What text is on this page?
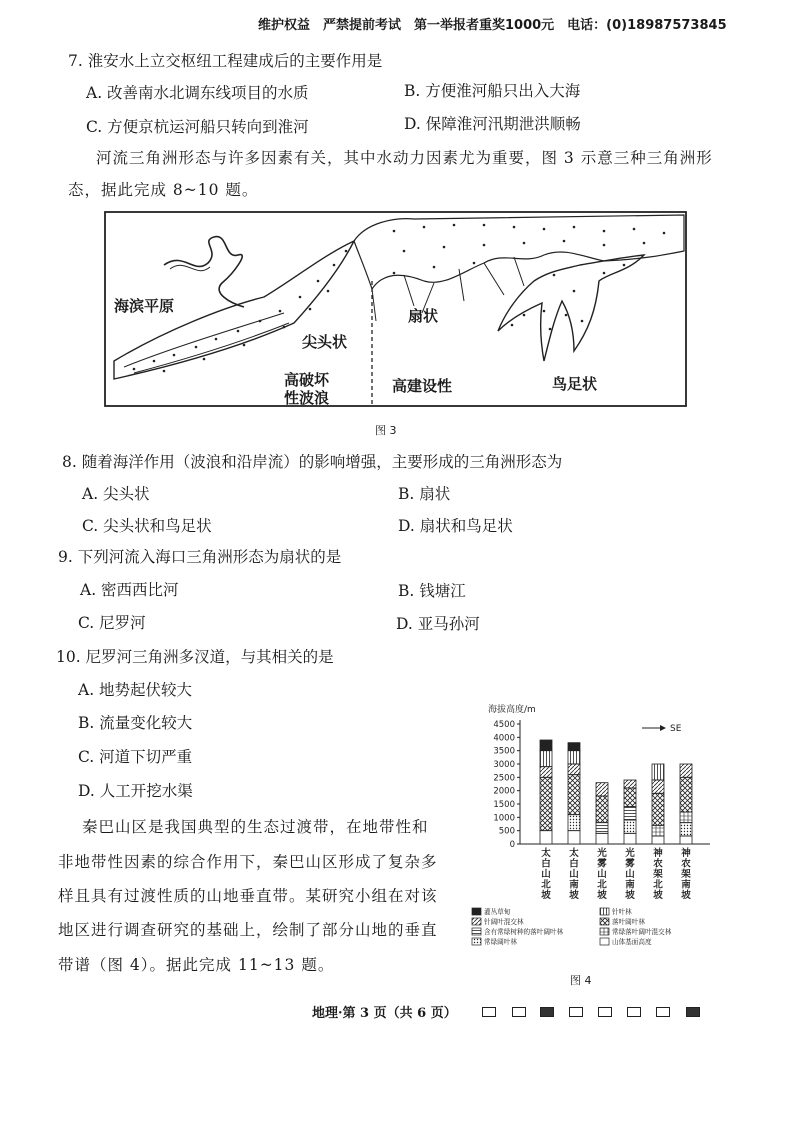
维护权益　严禁提前考试　第一举报者重奖1000元　电话：(0)18987573845
7. 淮安水上立交枢纽工程建成后的主要作用是
A. 改善南水北调东线项目的水质	B. 方便淮河船只出入大海
C. 方便京杭运河船只转向到淮河	D. 保障淮河汛期泄洪顺畅
河流三角洲形态与许多因素有关，其中水动力因素尤为重要，图 3 示意三种三角洲形
态，据此完成 8~10 题。
海滨平原
尖头状
扇状
高破坏
性波浪
高建设性	鸟足状
图 3
8. 随着海洋作用（波浪和沿岸流）的影响增强，主要形成的三角洲形态为
A. 尖头状	B. 扇状
C. 尖头状和鸟足状	D. 扇状和鸟足状
9. 下列河流入海口三角洲形态为扇状的是
A. 密西西比河	B. 钱塘江
C. 尼罗河	D. 亚马孙河
10. 尼罗河三角洲多汊道，与其相关的是
A. 地势起伏较大
B. 流量变化较大
C. 河道下切严重
D. 人工开挖水渠
秦巴山区是我国典型的生态过渡带，在地带性和
非地带性因素的综合作用下，秦巴山区形成了复杂多
样且具有过渡性质的山地垂直带。某研究小组在对该
地区进行调查研究的基础上，绘制了部分山地的垂直
带谱（图 4）。据此完成 11~13 题。
海拔高度/m
0
500
1000
1500
2000
2500
3000
3500
4000
4500	SE
太
白
山
北
坡
太
白
山
南
坡
光
雾
山
北
坡
光
雾
山
南
坡
神
农
架
北
坡
神
农
架
南
坡
灌丛草甸	针叶林
针阔叶混交林	落叶阔叶林
含有常绿树种的落叶阔叶林	常绿落叶阔叶混交林
常绿阔叶林	山体基面高度
图 4
地理·第 3 页（共 6 页）
